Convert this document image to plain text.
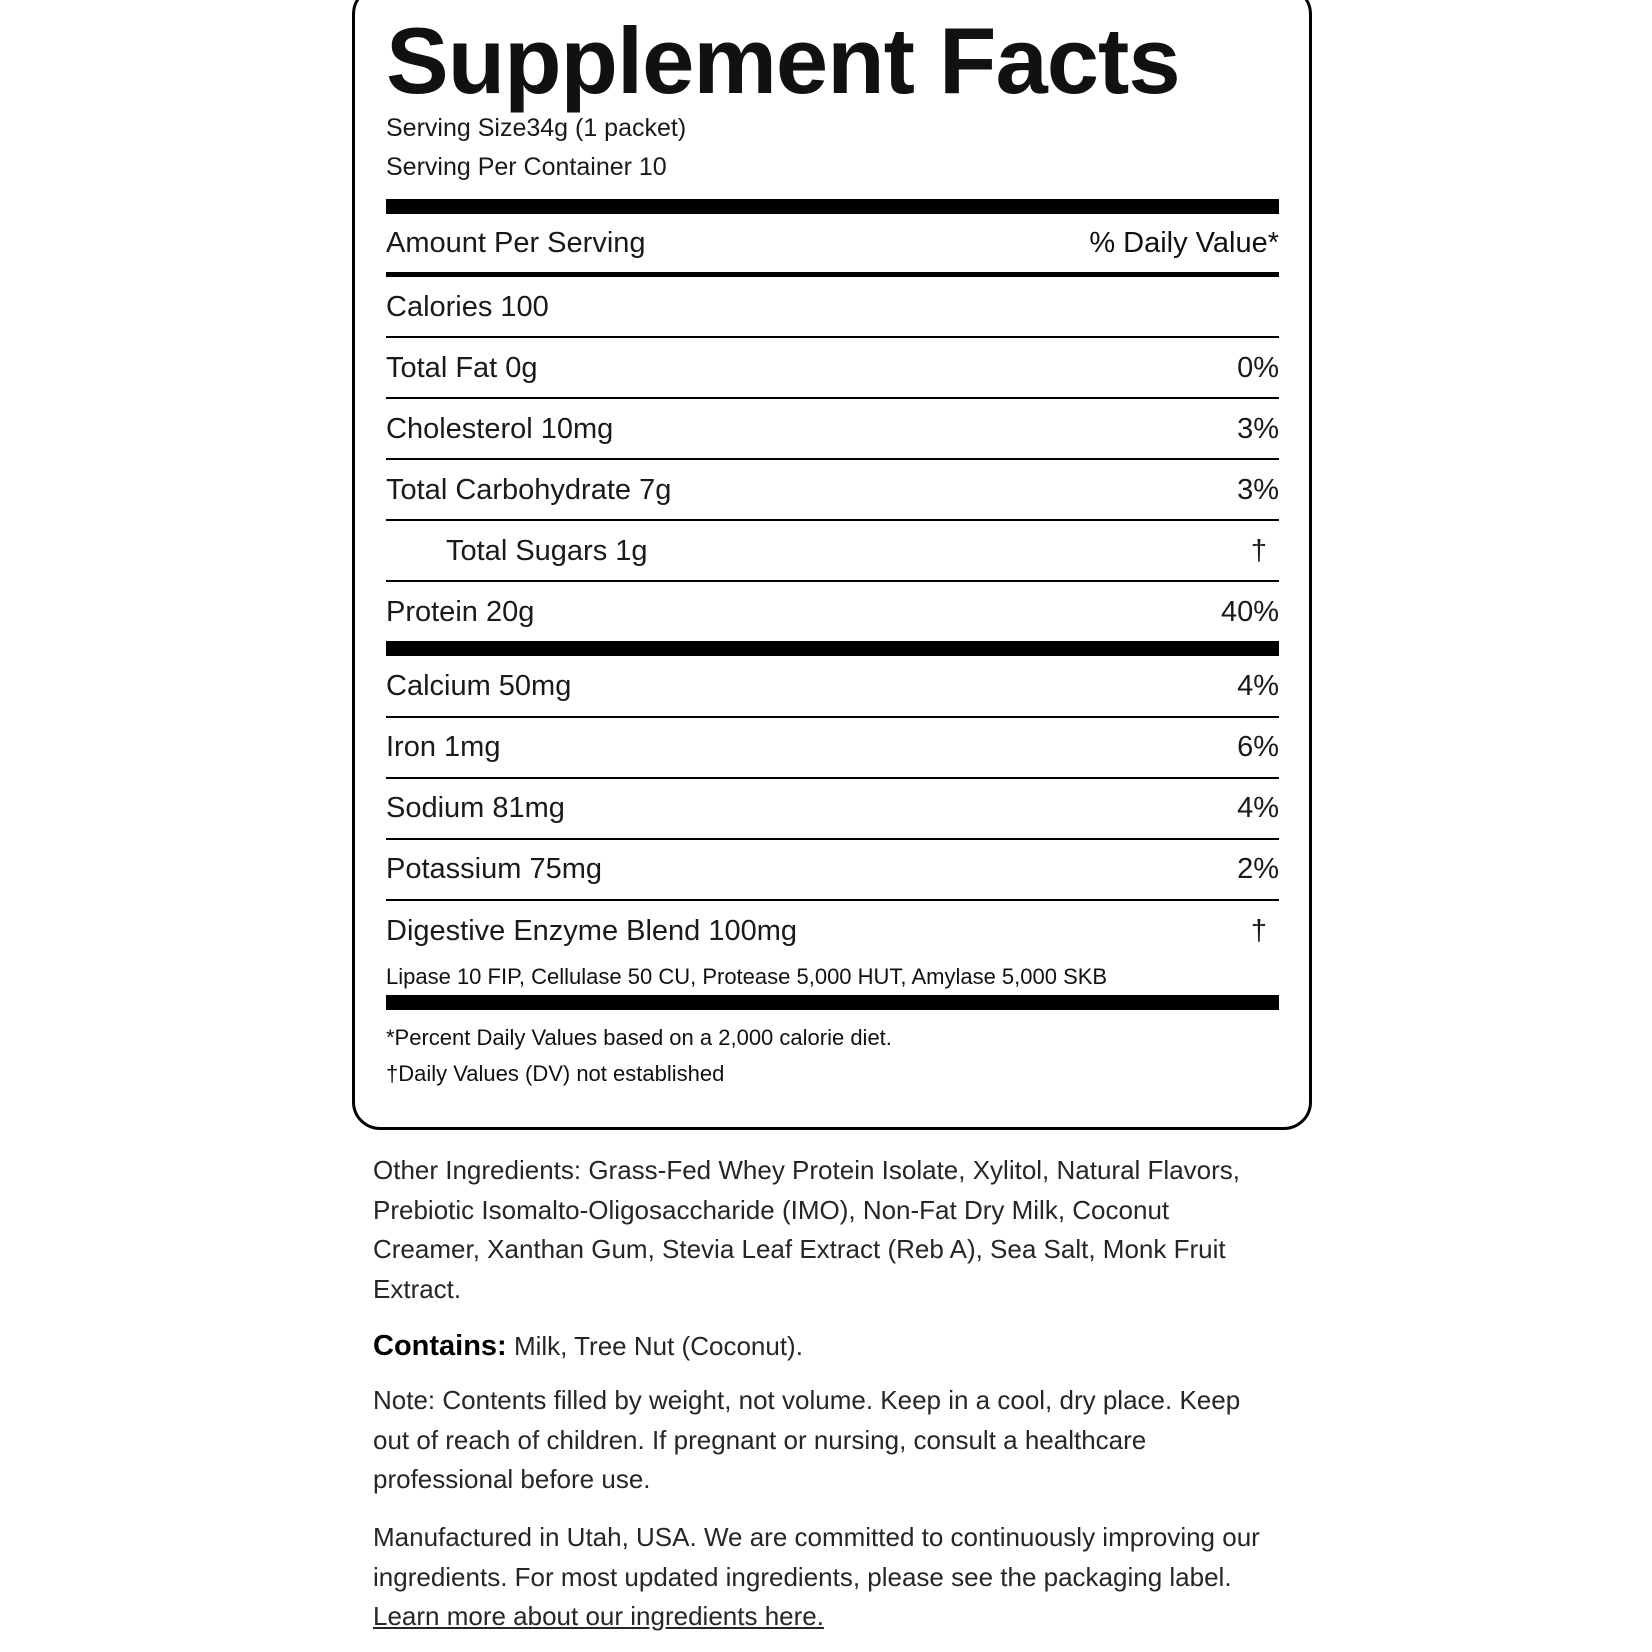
Supplement Facts
Serving Size34g (1 packet)
Serving Per Container 10
Amount Per Serving	% Daily Value*
Calories 100
Total Fat 0g	0%
Cholesterol 10mg	3%
Total Carbohydrate 7g	3%
Total Sugars 1g	†
Protein 20g	40%
Calcium 50mg	4%
Iron 1mg	6%
Sodium 81mg	4%
Potassium 75mg	2%
Digestive Enzyme Blend 100mg	†
Lipase 10 FIP, Cellulase 50 CU, Protease 5,000 HUT, Amylase 5,000 SKB
*Percent Daily Values based on a 2,000 calorie diet.
†Daily Values (DV) not established
Other Ingredients: Grass-Fed Whey Protein Isolate, Xylitol, Natural Flavors, Prebiotic Isomalto-Oligosaccharide (IMO), Non-Fat Dry Milk, Coconut Creamer, Xanthan Gum, Stevia Leaf Extract (Reb A), Sea Salt, Monk Fruit Extract.
Contains: Milk, Tree Nut (Coconut).
Note: Contents filled by weight, not volume. Keep in a cool, dry place. Keep out of reach of children. If pregnant or nursing, consult a healthcare professional before use.
Manufactured in Utah, USA. We are committed to continuously improving our ingredients. For most updated ingredients, please see the packaging label. Learn more about our ingredients here.
